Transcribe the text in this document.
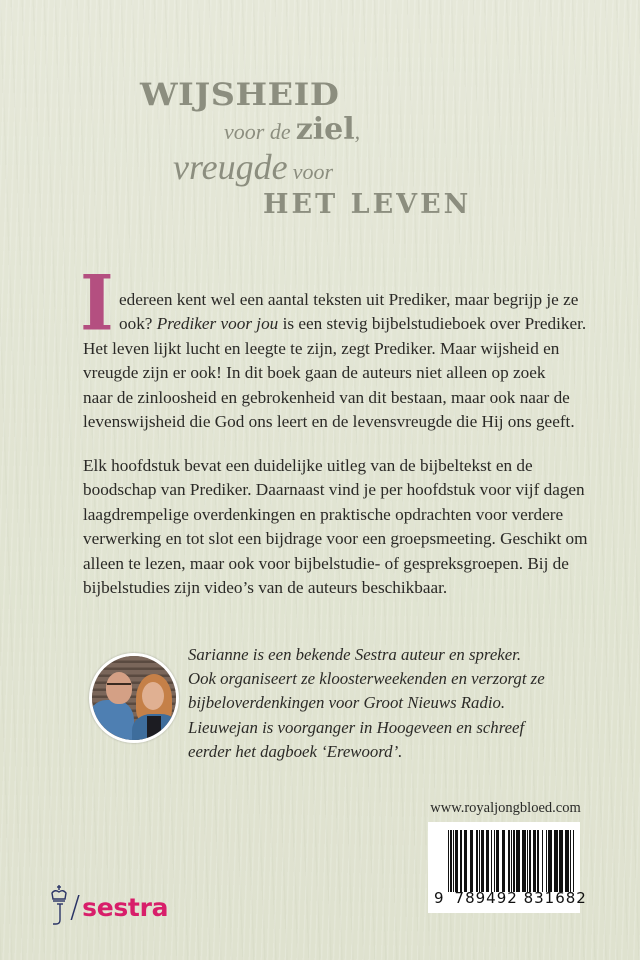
WIJSHEID
voor de ziel,
vreugde voor
HET LEVEN
I edereen kent wel een aantal teksten uit Prediker, maar begrijp je ze
ook? Prediker voor jou is een stevig bijbelstudieboek over Prediker.
Het leven lijkt lucht en leegte te zijn, zegt Prediker. Maar wijsheid en
vreugde zijn er ook! In dit boek gaan de auteurs niet alleen op zoek
naar de zinloosheid en gebrokenheid van dit bestaan, maar ook naar de
levenswijsheid die God ons leert en de levensvreugde die Hij ons geeft.
Elk hoofdstuk bevat een duidelijke uitleg van de bijbeltekst en de
boodschap van Prediker. Daarnaast vind je per hoofdstuk voor vijf dagen
laagdrempelige overdenkingen en praktische opdrachten voor verdere
verwerking en tot slot een bijdrage voor een groepsmeeting. Geschikt om
alleen te lezen, maar ook voor bijbelstudie- of gespreksgroepen. Bij de
bijbelstudies zijn video’s van de auteurs beschikbaar.
Sarianne is een bekende Sestra auteur en spreker.
Ook organiseert ze kloosterweekenden en verzorgt ze
bijbeloverdenkingen voor Groot Nieuws Radio.
Lieuwejan is voorganger in Hoogeveen en schreef
eerder het dagboek ‘Erewoord’.
www.royaljongbloed.com
9 789492 831682
/ sestra
